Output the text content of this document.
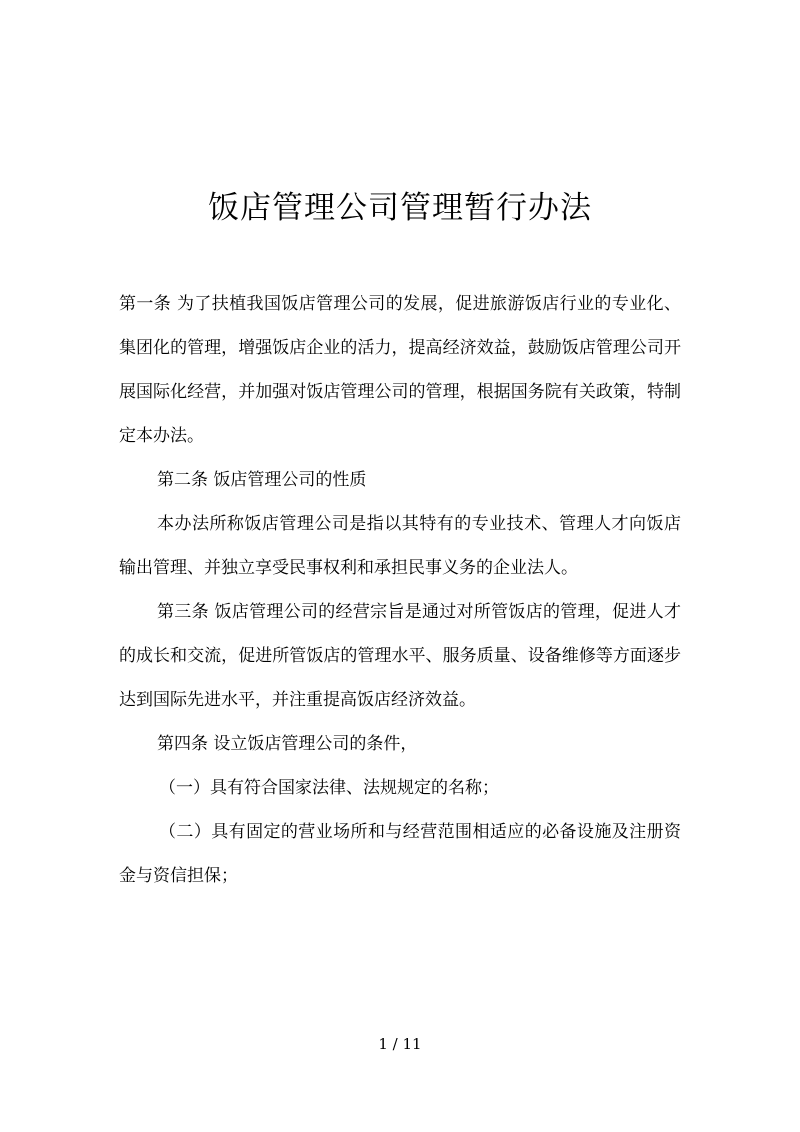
饭店管理公司管理暂行办法

第一条 为了扶植我国饭店管理公司的发展，促进旅游饭店行业的专业化、集团化的管理，增强饭店企业的活力，提高经济效益，鼓励饭店管理公司开展国际化经营，并加强对饭店管理公司的管理，根据国务院有关政策，特制定本办法。

第二条 饭店管理公司的性质

本办法所称饭店管理公司是指以其特有的专业技术、管理人才向饭店输出管理、并独立享受民事权利和承担民事义务的企业法人。

第三条 饭店管理公司的经营宗旨是通过对所管饭店的管理，促进人才的成长和交流，促进所管饭店的管理水平、服务质量、设备维修等方面逐步达到国际先进水平，并注重提高饭店经济效益。

第四条 设立饭店管理公司的条件，

（一）具有符合国家法律、法规规定的名称；

（二）具有固定的营业场所和与经营范围相适应的必备设施及注册资金与资信担保；

1 / 11
